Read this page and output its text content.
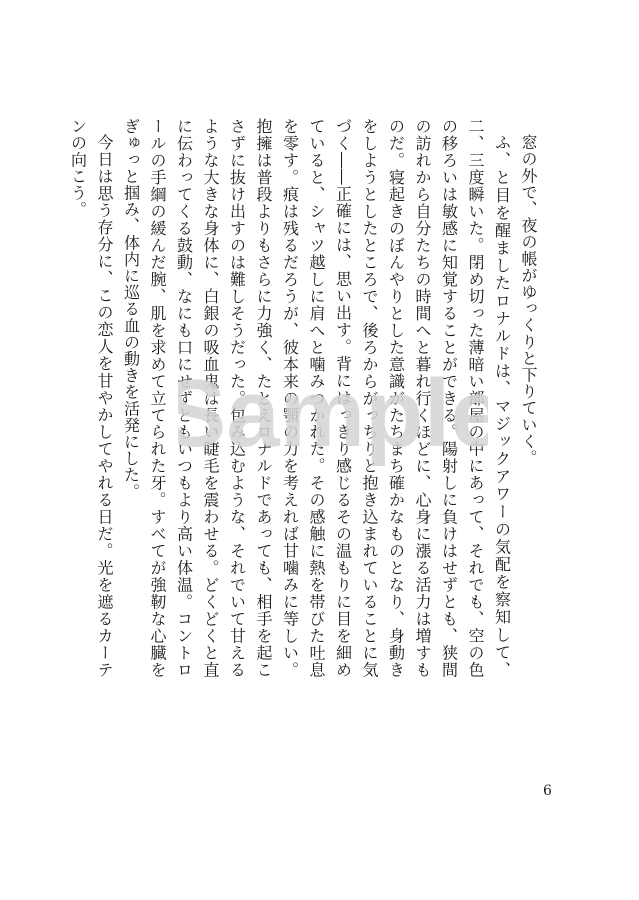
窓の外で、夜の帳がゆっくりと下りていく。

ふ、と目を醒ましたロナルドは、マジックアワーの気配を察知して、二、三度瞬いた。閉め切った薄暗い部屋の中にあって、それでも、空の色の移ろいは敏感に知覚することができる。陽射しに負けはせずとも、狭間の訪れから自分たちの時間へと暮れ行くほどに、心身に漲る活力は増すものだ。寝起きのぼんやりとした意識がたちまち確かなものとなり、身動きをしようとしたところで、後ろからがっちりと抱き込まれていることに気づく――正確には、思い出す。背にはっきり感じるその温もりに目を細めていると、シャツ越しに肩へと噛みつかれた。その感触に熱を帯びた吐息を零す。痕は残るだろうが、彼本来の顎の力を考えれば甘噛みに等しい。抱擁は普段よりもさらに力強く、たとえロナルドであっても、相手を起こさずに抜け出すのは難しそうだった。包み込むような、それでいて甘えるような大きな身体に、白銀の吸血鬼は長い睫毛を震わせる。どくどくと直に伝わってくる鼓動、なにも口にせずともいつもより高い体温。コントロールの手綱の緩んだ腕、肌を求めて立てられた牙。すべてが強靭な心臓をぎゅっと掴み、体内に巡る血の動きを活発にした。

今日は思う存分に、この恋人を甘やかしてやれる日だ。光を遮るカーテンの向こう。

Sample
6
